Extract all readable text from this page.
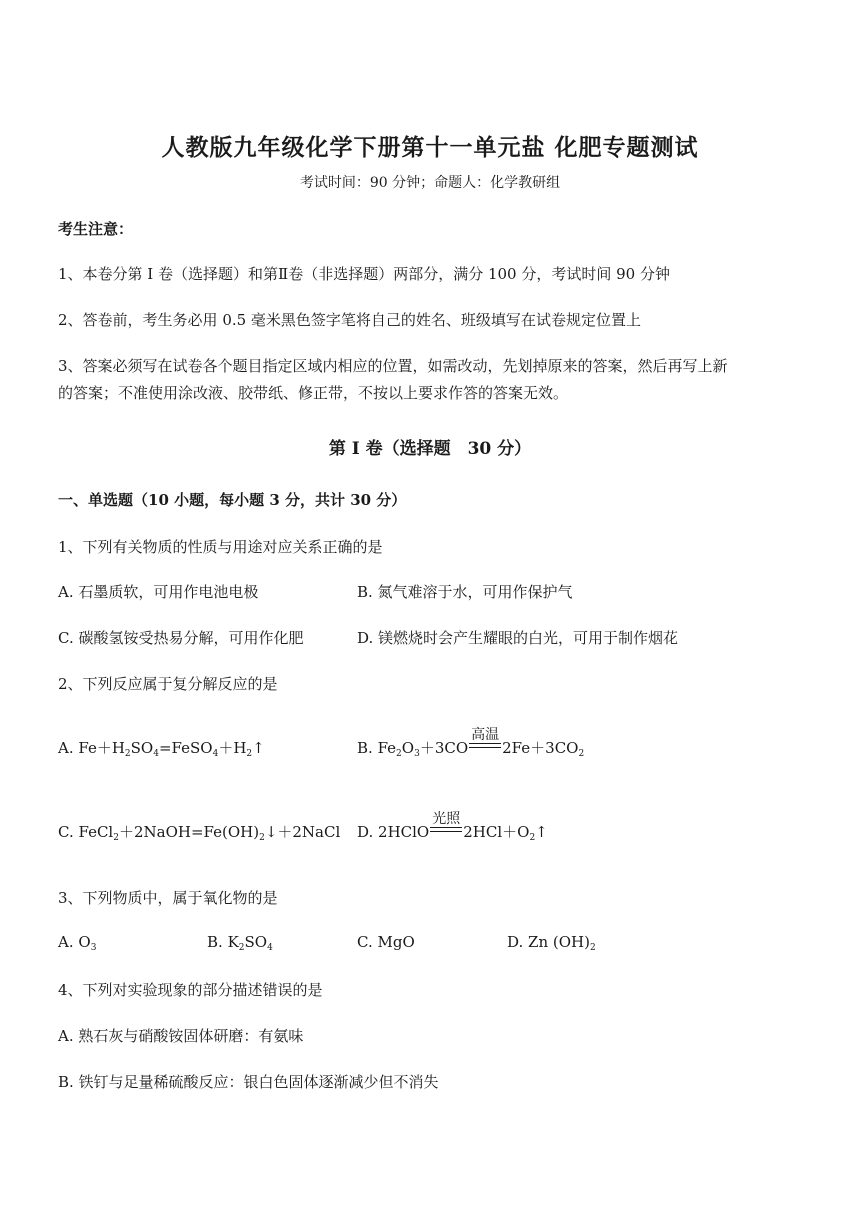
人教版九年级化学下册第十一单元盐 化肥专题测试
考试时间：90 分钟；命题人：化学教研组
考生注意：
1、本卷分第 I 卷（选择题）和第Ⅱ卷（非选择题）两部分，满分 100 分，考试时间 90 分钟
2、答卷前，考生务必用 0.5 毫米黑色签字笔将自己的姓名、班级填写在试卷规定位置上
3、答案必须写在试卷各个题目指定区域内相应的位置，如需改动，先划掉原来的答案，然后再写上新
的答案；不准使用涂改液、胶带纸、修正带，不按以上要求作答的答案无效。
第 I 卷（选择题　30 分）
一、单选题（10 小题，每小题 3 分，共计 30 分）
1、下列有关物质的性质与用途对应关系正确的是
A. 石墨质软，可用作电池电极	B. 氮气难溶于水，可用作保护气
C. 碳酸氢铵受热易分解，可用作化肥	D. 镁燃烧时会产生耀眼的白光，可用于制作烟花
2、下列反应属于复分解反应的是
A. $Fe+H_2SO_4=FeSO_4+H_2↑$	B. $Fe_2O_3+3CO$
高温
$2Fe+3CO_2$
C. $FeCl_2+2NaOH=Fe(OH)_2↓+2NaCl$ D. 2HClO
光照
$2HCl+O_2↑$
3、下列物质中，属于氧化物的是
A. $O_3$	B. $K_2SO_4$	C. MgO	D. Zn $(OH)_2$
4、下列对实验现象的部分描述错误的是
A. 熟石灰与硝酸铵固体研磨：有氨味
B. 铁钉与足量稀硫酸反应：银白色固体逐渐减少但不消失
